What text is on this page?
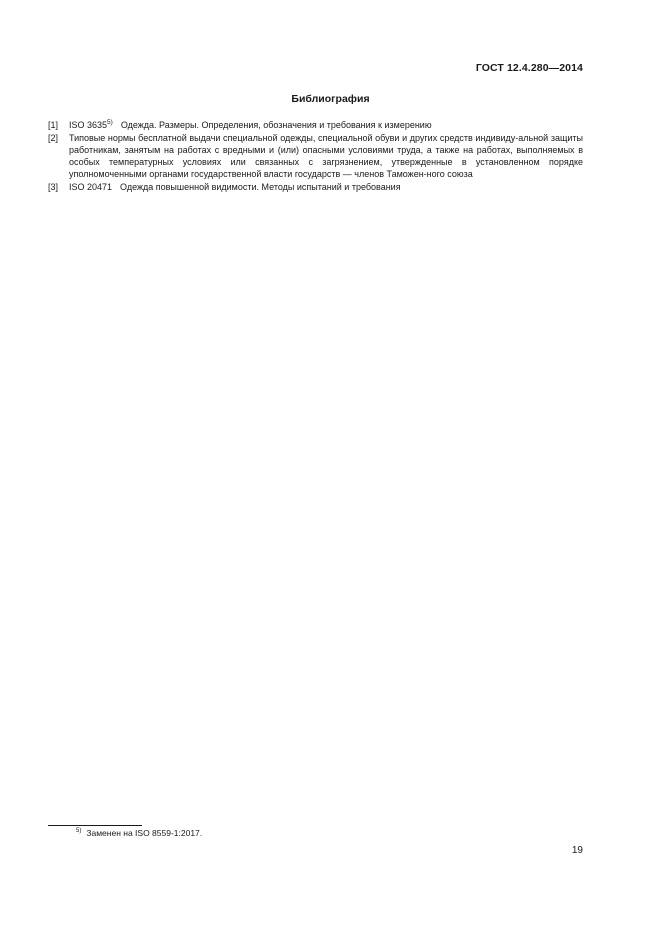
ГОСТ 12.4.280—2014
Библиография
[1]	ISO 3635$^{5)}$ Одежда. Размеры. Определения, обозначения и требования к измерению
[2]	Типовые нормы бесплатной выдачи специальной одежды, специальной обуви и других средств индивиду-альной защиты работникам, занятым на работах с вредными и (или) опасными условиями труда, а также на работах, выполняемых в особых температурных условиях или связанных с загрязнением, утвержденные в установленном порядке уполномоченными органами государственной власти государств — членов Таможен-ного союза
[3]	ISO 20471 Одежда повышенной видимости. Методы испытаний и требования
$^{5)}$ Заменен на ISO 8559-1:2017.
19
